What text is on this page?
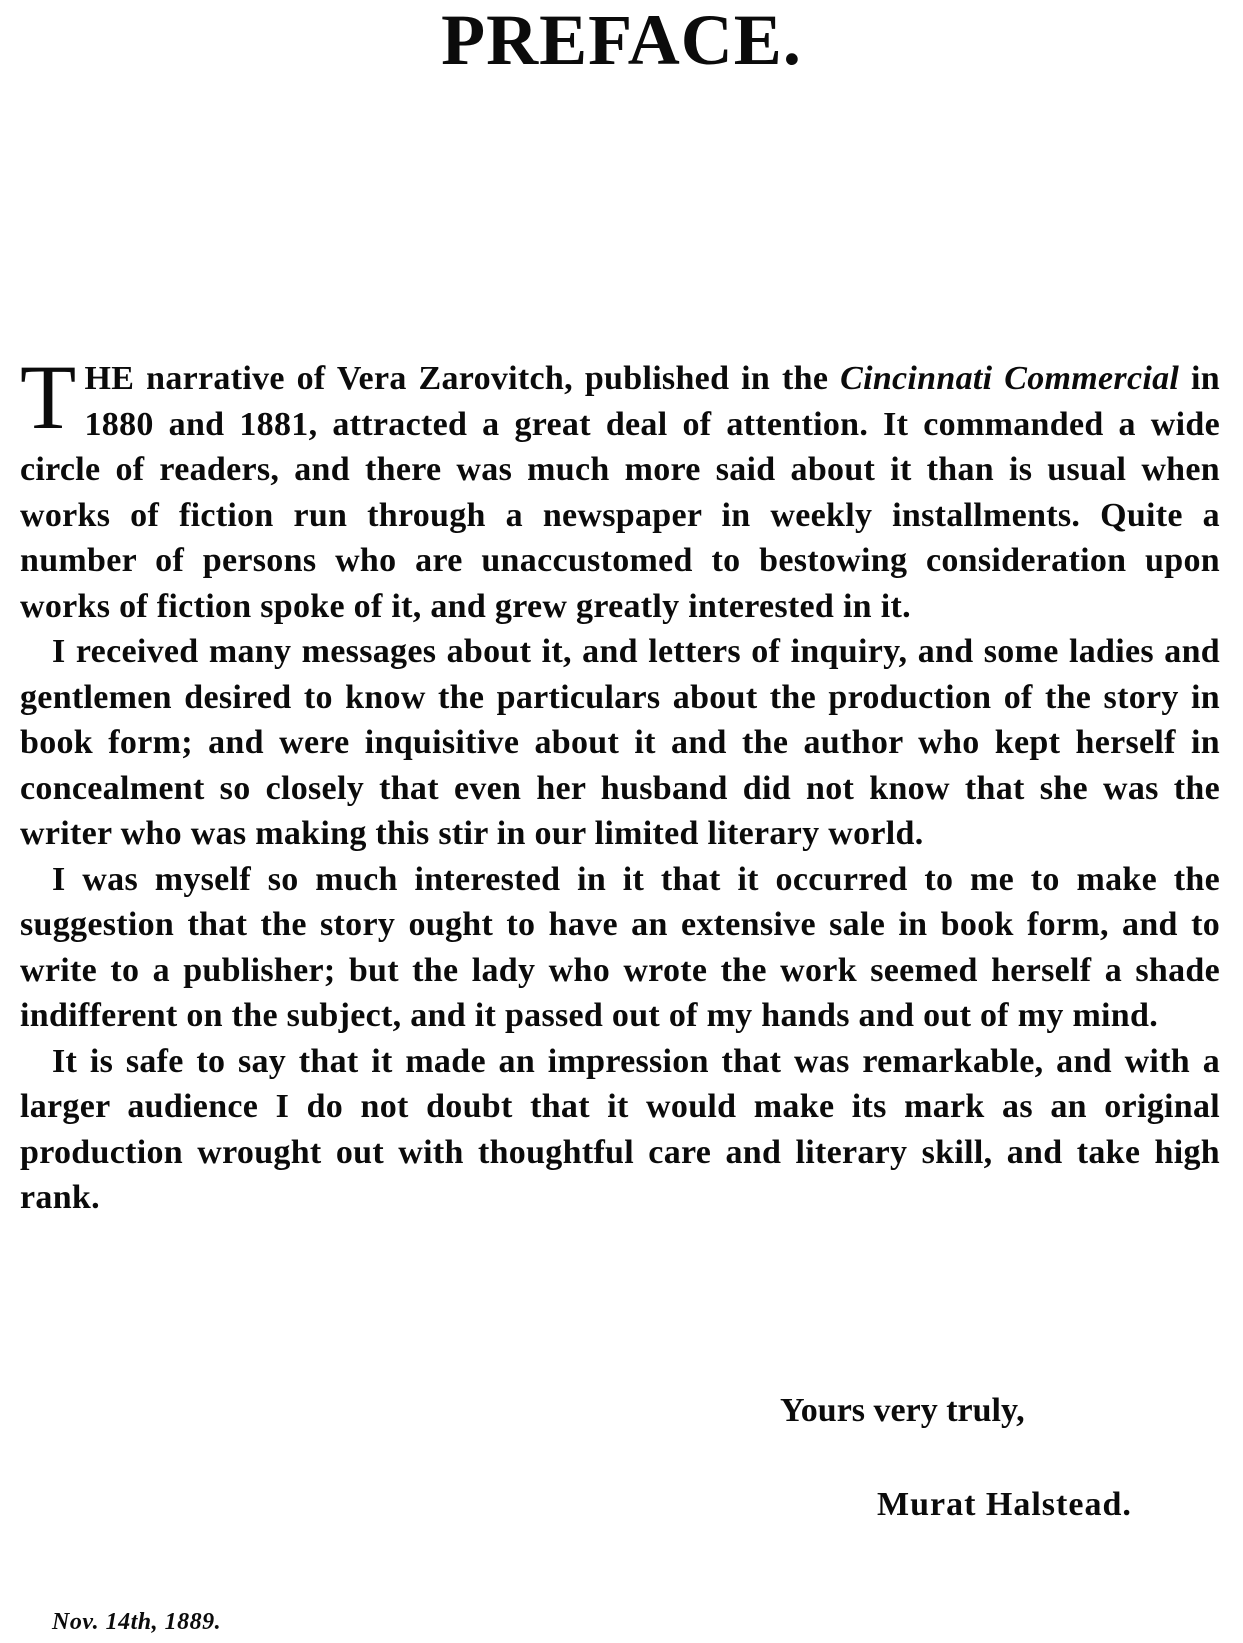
PREFACE.

THE narrative of Vera Zarovitch, published in the Cincinnati Commercial in 1880 and 1881, attracted a great deal of attention. It commanded a wide circle of readers, and there was much more said about it than is usual when works of fiction run through a newspaper in weekly installments. Quite a number of persons who are unaccustomed to bestowing consideration upon works of fiction spoke of it, and grew greatly interested in it.

I received many messages about it, and letters of inquiry, and some ladies and gentlemen desired to know the particulars about the production of the story in book form; and were inquisitive about it and the author who kept herself in concealment so closely that even her husband did not know that she was the writer who was making this stir in our limited literary world.

I was myself so much interested in it that it occurred to me to make the suggestion that the story ought to have an extensive sale in book form, and to write to a publisher; but the lady who wrote the work seemed herself a shade indifferent on the subject, and it passed out of my hands and out of my mind.

It is safe to say that it made an impression that was remarkable, and with a larger audience I do not doubt that it would make its mark as an original production wrought out with thoughtful care and literary skill, and take high rank.

Yours very truly,

Murat Halstead.

Nov. 14th, 1889.
